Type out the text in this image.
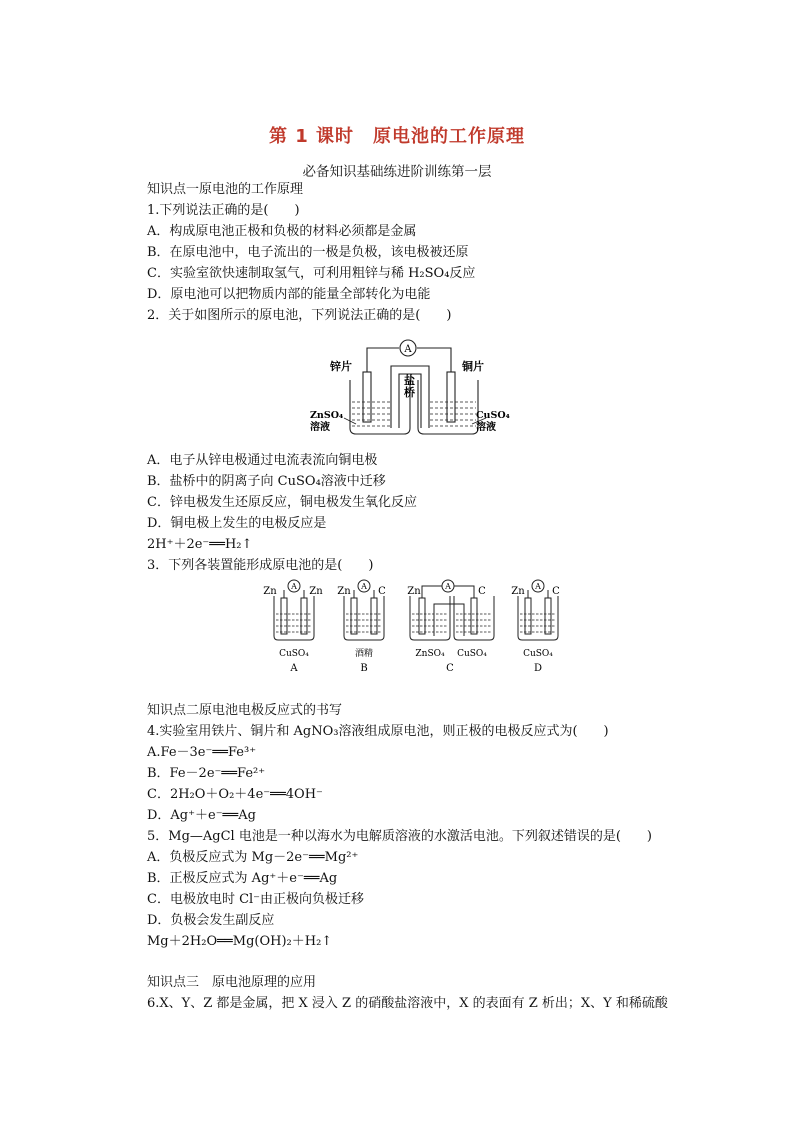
第 1 课时　原电池的工作原理
必备知识基础练进阶训练第一层
知识点一原电池的工作原理
1.下列说法正确的是(　　)
A．构成原电池正极和负极的材料必须都是金属
B．在原电池中，电子流出的一极是负极，该电极被还原
C．实验室欲快速制取氢气，可利用粗锌与稀 H₂SO₄反应
D．原电池可以把物质内部的能量全部转化为电能
2．关于如图所示的原电池，下列说法正确的是(　　)
A
锌片	铜片
盐
桥
ZnSO₄
溶液
CuSO₄
溶液
A．电子从锌电极通过电流表流向铜电极
B．盐桥中的阴离子向 CuSO₄溶液中迁移
C．锌电极发生还原反应，铜电极发生氧化反应
D．铜电极上发生的电极反应是
2H⁺＋2e⁻══H₂↑
3．下列各装置能形成原电池的是(　　)
A	A	A	A
Zn	Zn
CuSO₄
A
Zn	C
酒精
B
Zn	C
ZnSO₄ CuSO₄
C
Zn	C
CuSO₄
D
知识点二原电池电极反应式的书写
4.实验室用铁片、铜片和 AgNO₃溶液组成原电池，则正极的电极反应式为(　　)
A.Fe－3e⁻══Fe³⁺
B．Fe－2e⁻══Fe²⁺
C．2H₂O＋O₂＋4e⁻══4OH⁻
D．Ag⁺＋e⁻══Ag
5．Mg—AgCl 电池是一种以海水为电解质溶液的水激活电池。下列叙述错误的是(　　)
A．负极反应式为 Mg－2e⁻══Mg²⁺
B．正极反应式为 Ag⁺＋e⁻══Ag
C．电极放电时 Cl⁻由正极向负极迁移
D．负极会发生副反应
Mg＋2H₂O══Mg(OH)₂＋H₂↑
知识点三　原电池原理的应用
6.X、Y、Z 都是金属，把 X 浸入 Z 的硝酸盐溶液中，X 的表面有 Z 析出；X、Y 和稀硫酸
